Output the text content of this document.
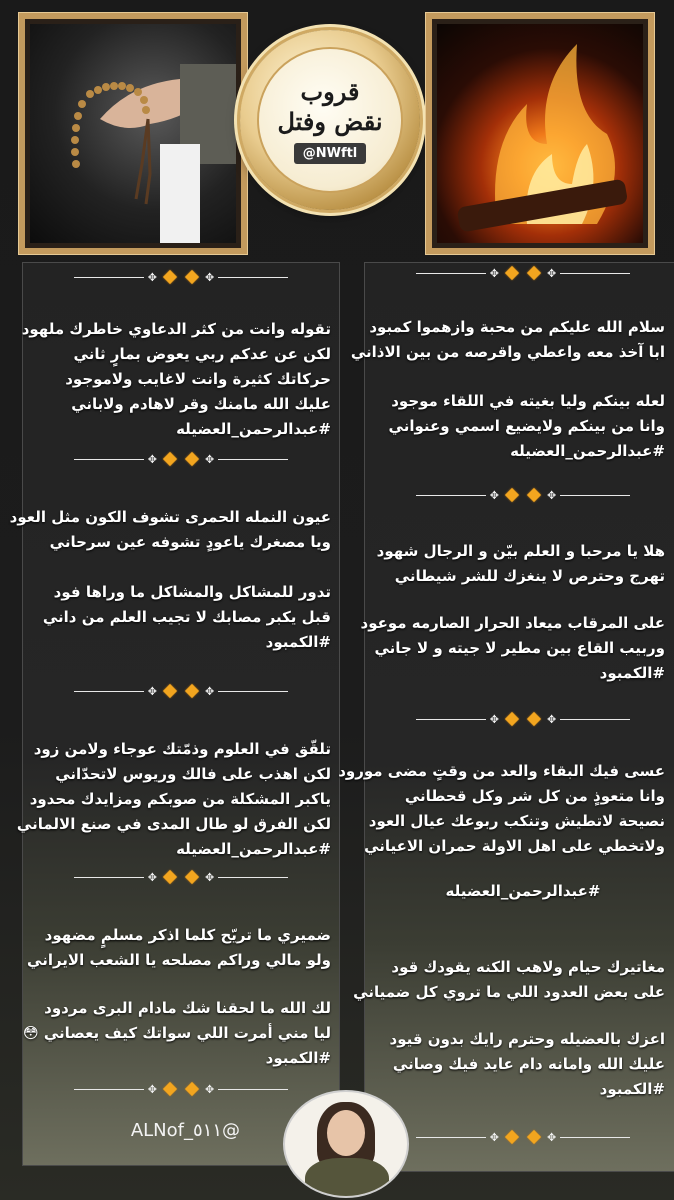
قروب
نقض وفتل
@NWftl
✥	✥
تقوله وانت من كثر الدعاوي خاطرك ملهود
لكن عن عدكم ربي يعوض بمارٍ ثاني
حركاتك كثيرة وانت لاغايب ولاموجود
عليك الله مامنك وقر لاهادم ولاباني
#عبدالرحمن_العضيله
✥	✥
عيون النمله الحمرى تشوف الكون مثل العود
ويا مصغرك ياعودٍ تشوفه عين سرحاني
تدور للمشاكل والمشاكل ما وراها فود
قبل يكبر مصابك لا تجيب العلم من داني
#الكمبود
✥	✥
تلقّق في العلوم وذمّتك عوجاء ولامن زود
لكن اهذب على فالك وريوس لاتحدّاني
ياكبر المشكلة من صوبكم ومزايدك محدود
لكن الفرق لو طال المدى في صنع الالماني
#عبدالرحمن_العضيله
✥	✥
ضميري ما تريّح كلما اذكر مسلمٍ مضهود
ولو مالي وراكم مصلحه يا الشعب الايراني
لك الله ما لحقنا شك مادام البرى مردود
ليا مني أمرت اللي سواتك كيف يعصاني 😳
#الكمبود
✥	✥
✥	✥
سلام الله عليكم من محبة وازهموا كمبود
ابا آخذ معه واعطي واقرصه من بين الاذاني
لعله بينكم وليا بغيته في اللقاء موجود
وانا من بينكم ولايضيع اسمي وعنواني
#عبدالرحمن_العضيله
✥	✥
هلا يا مرحبا و العلم بيّن و الرجال شهود
تهرج وحترص لا ينغزك للشر شيطاني
على المرقاب ميعاد الحرار الصارمه موعود
وربيب القاع بين مطير لا جيته و لا جاني
#الكمبود
✥	✥
عسى فيك البقاء والعد من وقتٍ مضى مورود
وانا متعوذٍ من كل شر وكل قحطاني
نصيحة لاتطيش وتنكب ربوعك عيال العود
ولاتخطي على اهل الاولة حمران الاعياني
#عبدالرحمن_العضيله
مغاتيرك حيام ولاهب الكنه يقودك قود
على بعض العدود اللي ما تروي كل ضمياني
اعزك بالعضيله وحترم رايك بدون قيود
عليك الله وامانه دام عايد فيك وصاني
#الكمبود
✥	✥
ALNof_٥١١@
